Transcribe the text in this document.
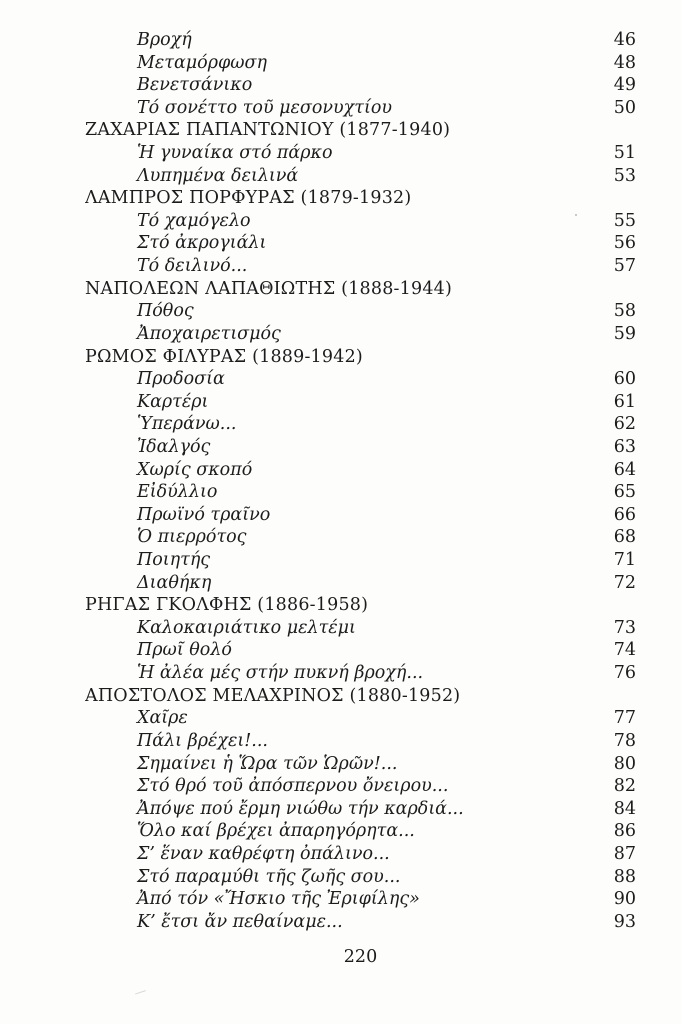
Βροχή	46
Μεταμόρφωση	48
Βενετσάνικο	49
Τό σονέττο τοῦ μεσονυχτίου	50
ΖΑΧΑΡΙΑΣ ΠΑΠΑΝΤΩΝΙΟΥ (1877-1940)
Ἡ γυναίκα στό πάρκο	51
Λυπημένα δειλινά	53
ΛΑΜΠΡΟΣ ΠΟΡΦΥΡΑΣ (1879-1932)
Τό χαμόγελο	55
Στό ἀκρογιάλι	56
Τό δειλινό...	57
ΝΑΠΟΛΕΩΝ ΛΑΠΑΘΙΩΤΗΣ (1888-1944)
Πόθος	58
Ἀποχαιρετισμός	59
ΡΩΜΟΣ ΦΙΛΥΡΑΣ (1889-1942)
Προδοσία	60
Καρτέρι	61
Ὑπεράνω...	62
Ἰδαλγός	63
Χωρίς σκοπό	64
Εἰδύλλιο	65
Πρωϊνό τραῖνο	66
Ὁ πιερρότος	68
Ποιητής	71
Διαθήκη	72
ΡΗΓΑΣ ΓΚΟΛΦΗΣ (1886-1958)
Καλοκαιριάτικο μελτέμι	73
Πρωῖ θολό	74
Ἡ ἀλέα μές στήν πυκνή βροχή...	76
ΑΠΟΣΤΟΛΟΣ ΜΕΛΑΧΡΙΝΟΣ (1880-1952)
Χαῖρε	77
Πάλι βρέχει!...	78
Σημαίνει ἡ Ὥρα τῶν Ὡρῶν!...	80
Στό θρό τοῦ ἀπόσπερνου ὄνειρου...	82
Ἀπόψε πού ἔρμη νιώθω τήν καρδιά...	84
Ὅλο καί βρέχει ἀπαρηγόρητα...	86
Σ’ ἕναν καθρέφτη ὀπάλινο...	87
Στό παραμύθι τῆς ζωῆς σου...	88
Ἀπό τόν «Ἤσκιο τῆς Ἐριφίλης»	90
Κ’ ἔτσι ἄν πεθαίναμε...	93
220
